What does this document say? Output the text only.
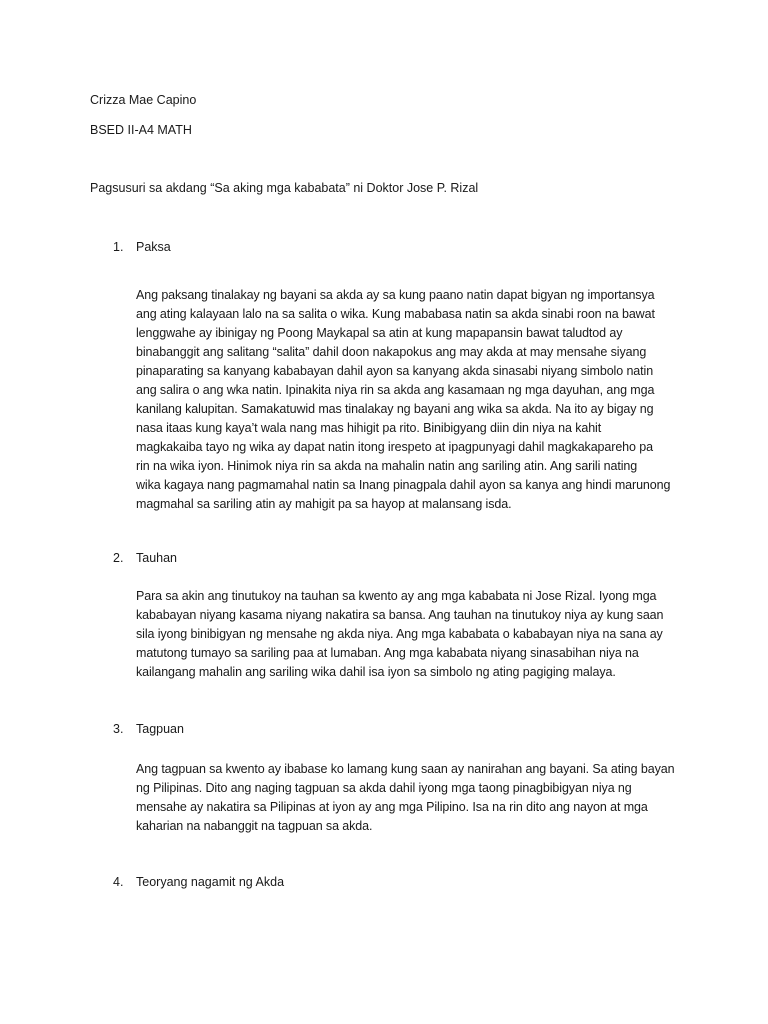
Crizza Mae Capino
BSED II-A4 MATH
Pagsusuri sa akdang “Sa aking mga kababata” ni Doktor Jose P. Rizal
1. Paksa
Ang paksang tinalakay ng bayani sa akda ay sa kung paano natin dapat bigyan ng importansya
ang ating kalayaan lalo na sa salita o wika. Kung mababasa natin sa akda sinabi roon na bawat
lenggwahe ay ibinigay ng Poong Maykapal sa atin at kung mapapansin bawat taludtod ay
binabanggit ang salitang “salita” dahil doon nakapokus ang may akda at may mensahe siyang
pinaparating sa kanyang kababayan dahil ayon sa kanyang akda sinasabi niyang simbolo natin
ang salira o ang wka natin. Ipinakita niya rin sa akda ang kasamaan ng mga dayuhan, ang mga
kanilang kalupitan. Samakatuwid mas tinalakay ng bayani ang wika sa akda. Na ito ay bigay ng
nasa itaas kung kaya’t wala nang mas hihigit pa rito. Binibigyang diin din niya na kahit
magkakaiba tayo ng wika ay dapat natin itong irespeto at ipagpunyagi dahil magkakapareho pa
rin na wika iyon. Hinimok niya rin sa akda na mahalin natin ang sariling atin. Ang sarili nating
wika kagaya nang pagmamahal natin sa Inang pinagpala dahil ayon sa kanya ang hindi marunong
magmahal sa sariling atin ay mahigit pa sa hayop at malansang isda.
2. Tauhan
Para sa akin ang tinutukoy na tauhan sa kwento ay ang mga kababata ni Jose Rizal. Iyong mga
kababayan niyang kasama niyang nakatira sa bansa. Ang tauhan na tinutukoy niya ay kung saan
sila iyong binibigyan ng mensahe ng akda niya. Ang mga kababata o kababayan niya na sana ay
matutong tumayo sa sariling paa at lumaban. Ang mga kababata niyang sinasabihan niya na
kailangang mahalin ang sariling wika dahil isa iyon sa simbolo ng ating pagiging malaya.
3. Tagpuan
Ang tagpuan sa kwento ay ibabase ko lamang kung saan ay nanirahan ang bayani. Sa ating bayan
ng Pilipinas. Dito ang naging tagpuan sa akda dahil iyong mga taong pinagbibigyan niya ng
mensahe ay nakatira sa Pilipinas at iyon ay ang mga Pilipino. Isa na rin dito ang nayon at mga
kaharian na nabanggit na tagpuan sa akda.
4. Teoryang nagamit ng Akda
